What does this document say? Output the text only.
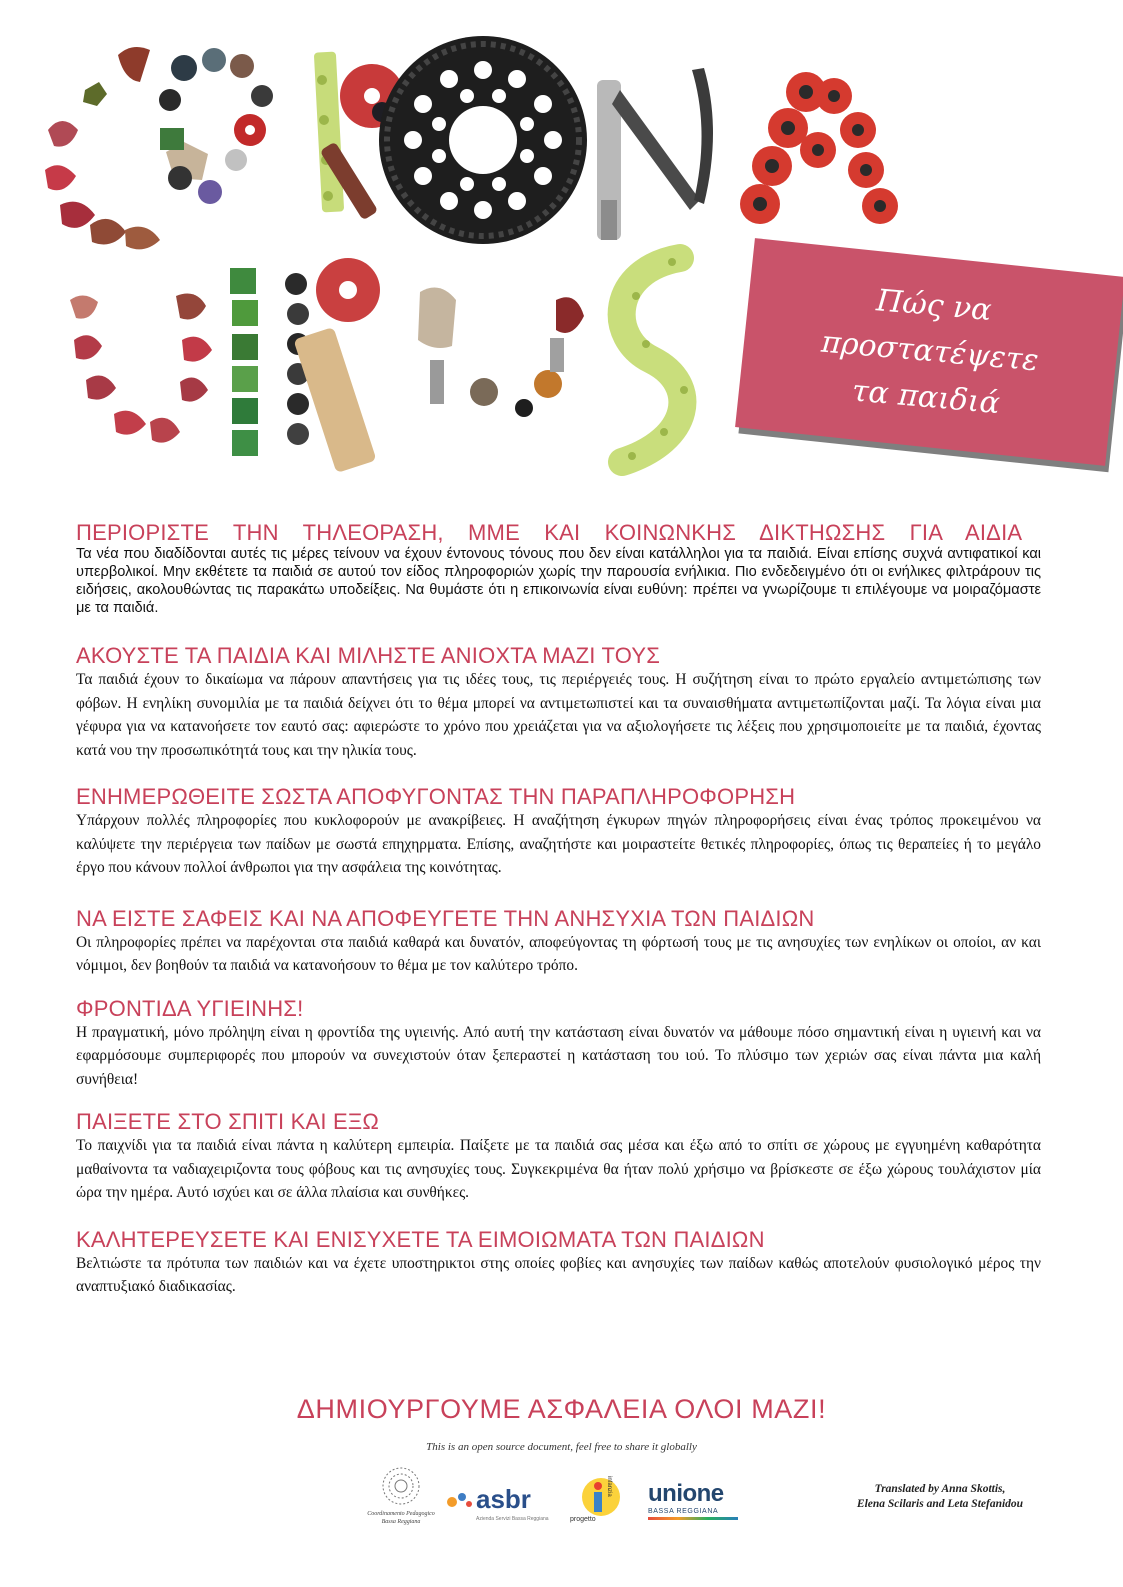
Πώς να
προστατέψετε
τα παιδιά
ΠΕΡΙΟΡΙΣΤΕ ΤΗΝ ΤΗΛΕΟΡΑΣΗ, ΜΜΕ ΚΑΙ ΚΟΙΝΩΝΚΗΣ ΔΙΚΤΗΩΣΗΣ ΓΙΑ ΑΙΔΙΑ

Τα νέα που διαδίδονται αυτές τις μέρες τείνουν να έχουν έντονους τόνους που δεν είναι κατάλληλοι για τα παιδιά. Είναι επίσης συχνά αντιφατικοί και υπερβολικοί. Μην εκθέτετε τα παιδιά σε αυτού τον είδος πληροφοριών χωρίς την παρουσία ενήλικια. Πιο ενδεδειγμένο ότι οι ενήλικες φιλτράρουν τις ειδήσεις, ακολουθώντας τις παρακάτω υποδείξεις. Να θυμάστε ότι η επικοινωνία είναι ευθύνη: πρέπει να γνωρίζουμε τι επιλέγουμε να μοιραζόμαστε με τα παιδιά.

ΑΚΟΥΣΤΕ ΤΑ ΠΑΙΔΙΑ ΚΑΙ ΜΙΛΗΣΤΕ ΑΝΙΟΧΤΑ ΜΑΖΙ ΤΟΥΣ

Τα παιδιά έχουν το δικαίωμα να πάρουν απαντήσεις για τις ιδέες τους, τις περιέργειές τους. Η συζήτηση είναι το πρώτο εργαλείο αντιμετώπισης των φόβων. Η ενηλίκη συνομιλία με τα παιδιά δείχνει ότι το θέμα μπορεί να αντιμετωπιστεί και τα συναισθήματα αντιμετωπίζονται μαζί. Τα λόγια είναι μια γέφυρα για να κατανοήσετε τον εαυτό σας: αφιερώστε το χρόνο που χρειάζεται για να αξιολογήσετε τις λέξεις που χρησιμοποιείτε με τα παιδιά, έχοντας κατά νου την προσωπικότητά τους και την ηλικία τους.

ΕΝΗΜΕΡΩΘΕΙΤΕ ΣΩΣΤΑ ΑΠΟΦΥΓΟΝΤΑΣ ΤΗΝ ΠΑΡΑΠΛΗΡΟΦΟΡΗΣΗ

Υπάρχουν πολλές πληροφορίες που κυκλοφορούν με ανακρίβειες. Η αναζήτηση έγκυρων πηγών πληροφορήσεις είναι ένας τρόπος προκειμένου να καλύψετε την περιέργεια των παίδων με σωστά επηχηρματα. Επίσης, αναζητήστε και μοιραστείτε θετικές πληροφορίες, όπως τις θεραπείες ή το μεγάλο έργο που κάνουν πολλοί άνθρωποι για την ασφάλεια της κοινότητας.

ΝΑ ΕΙΣΤΕ ΣΑΦΕΙΣ ΚΑΙ ΝΑ ΑΠΟΦΕΥΓΕΤΕ ΤΗΝ ΑΝΗΣΥΧΙΑ ΤΩΝ ΠΑΙΔΙΩΝ

Οι πληροφορίες πρέπει να παρέχονται στα παιδιά καθαρά και δυνατόν, αποφεύγοντας τη φόρτωσή τους με τις ανησυχίες των ενηλίκων οι οποίοι, αν και νόμιμοι, δεν βοηθούν τα παιδιά να κατανοήσουν το θέμα με τον καλύτερο τρόπο.

ΦΡΟΝΤΙΔΑ ΥΓΙΕΙΝΗΣ!

Η πραγματική, μόνο πρόληψη είναι η φροντίδα της υγιεινής. Από αυτή την κατάσταση είναι δυνατόν να μάθουμε πόσο σημαντική είναι η υγιεινή και να εφαρμόσουμε συμπεριφορές που μπορούν να συνεχιστούν όταν ξεπεραστεί η κατάσταση του ιού. Το πλύσιμο των χεριών σας είναι πάντα μια καλή συνήθεια!

ΠΑΙΞΕΤΕ ΣΤΟ ΣΠΙΤΙ ΚΑΙ ΕΞΩ

Το παιχνίδι για τα παιδιά είναι πάντα η καλύτερη εμπειρία. Παίξετε με τα παιδιά σας μέσα και έξω από το σπίτι σε χώρους με εγγυημένη καθαρότητα μαθαίνοντα τα ναδιαχειριζοντα τους φόβους και τις ανησυχίες τους. Συγκεκριμένα θα ήταν πολύ χρήσιμο να βρίσκεστε σε έξω χώρους τουλάχιστον μία ώρα την ημέρα. Αυτό ισχύει και σε άλλα πλαίσια και συνθήκες.

ΚΑΛΗΤΕΡΕΥΣΕΤΕ ΚΑΙ ΕΝΙΣΥΧΕΤΕ ΤΑ ΕΙΜΟΙΩΜΑΤΑ ΤΩΝ ΠΑΙΔΙΩΝ

Βελτιώστε τα πρότυπα των παιδιών και να έχετε υποστηρικτοι στης οποίες φοβίες και ανησυχίες των παίδων καθώς αποτελούν φυσιολογικό μέρος την αναπτυξιακό διαδικασίας.

ΔΗΜΙΟΥΡΓΟΥΜΕ ΑΣΦΑΛΕΙΑ ΟΛΟΙ ΜΑΖΙ!
This is an open source document, feel free to share it globally
Coordinamento Pedagogico
Bassa Reggiana
asbr
Azienda Servizi Bassa Reggiana	progetto
infanzia unione
BASSA REGGIANA
Translated by Anna Skottis,
Elena Scilaris and Leta Stefanidou
